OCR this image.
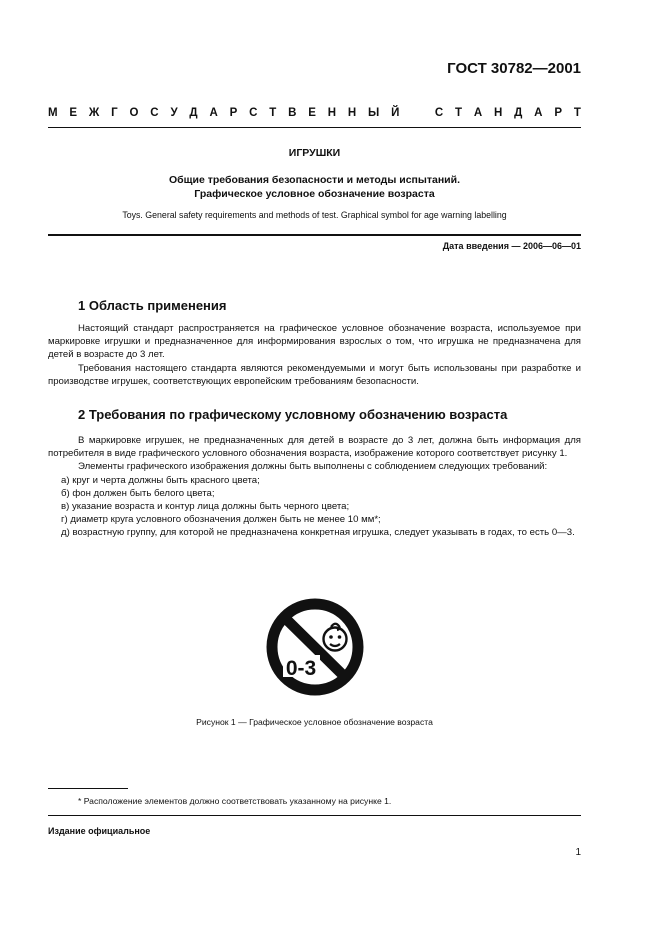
ГОСТ 30782—2001
М Е Ж Г О С У Д А Р С Т В Е Н Н Ы Й	С Т А Н Д А Р Т
ИГРУШКИ
Общие требования безопасности и методы испытаний.
Графическое условное обозначение возраста
Toys. General safety requirements and methods of test. Graphical symbol for age warning labelling
Дата введения — 2006—06—01
1 Область применения

Настоящий стандарт распространяется на графическое условное обозначение возраста, используемое при маркировке игрушки и предназначенное для информирования взрослых о том, что игрушка не предназначена для детей в возрасте до 3 лет.

Требования настоящего стандарта являются рекомендуемыми и могут быть использованы при разработке и производстве игрушек, соответствующих европейским требованиям безопасности.

2 Требования по графическому условному обозначению возраста

В маркировке игрушек, не предназначенных для детей в возрасте до 3 лет, должна быть информация для потребителя в виде графического условного обозначения возраста, изображение которого соответствует рисунку 1.

Элементы графического изображения должны быть выполнены с соблюдением следующих требований:

а) круг и черта должны быть красного цвета;

б) фон должен быть белого цвета;

в) указание возраста и контур лица должны быть черного цвета;

г) диаметр круга условного обозначения должен быть не менее 10 мм*;

д) возрастную группу, для которой не предназначена конкретная игрушка, следует указывать в годах, то есть 0—3.

0-3
Рисунок 1 — Графическое условное обозначение возраста
* Расположение элементов должно соответствовать указанному на рисунке 1.
Издание официальное
1
